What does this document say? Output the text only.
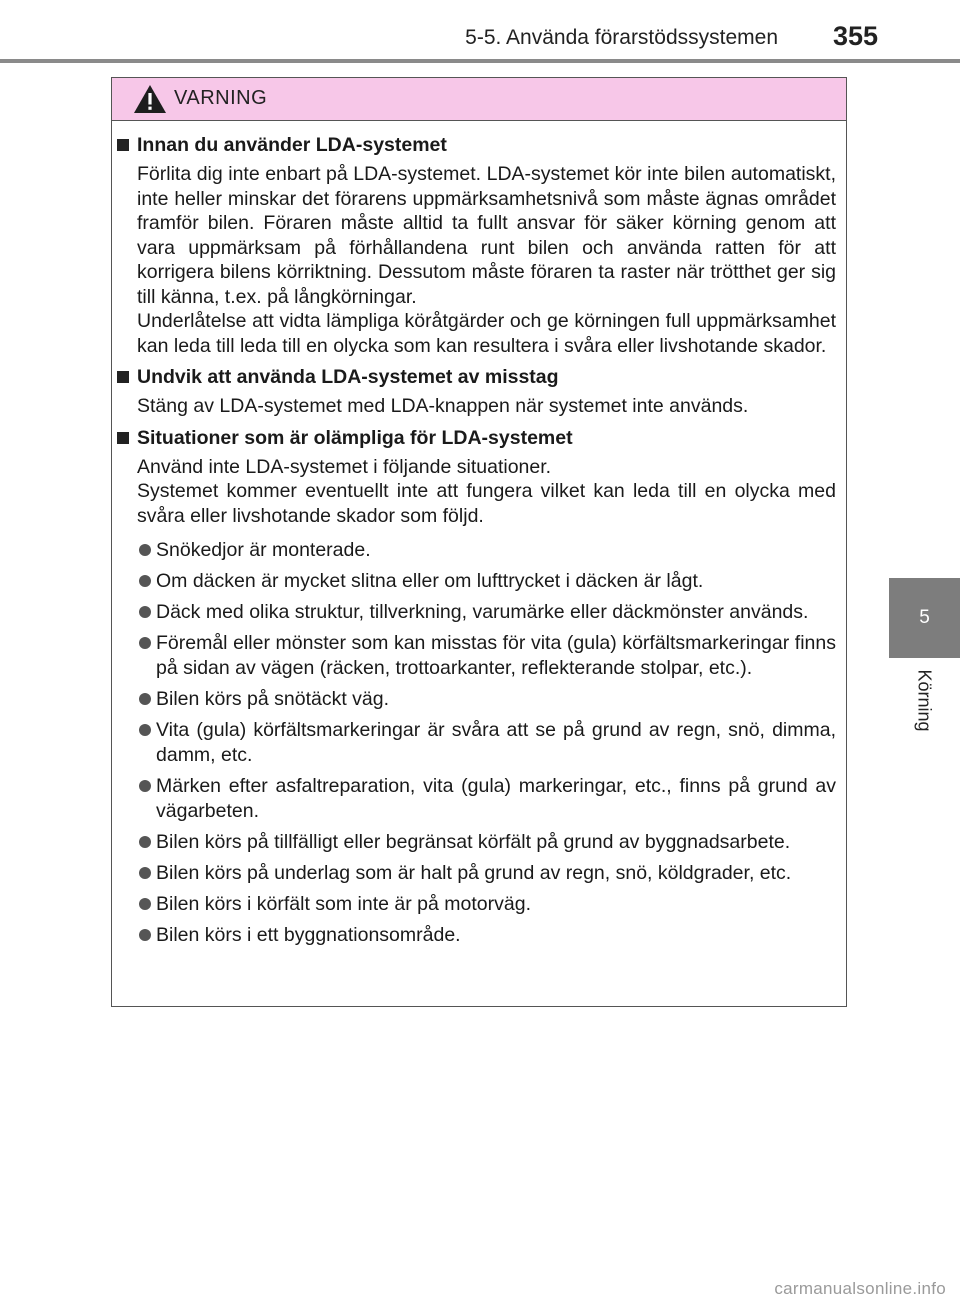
5-5. Använda förarstödssystemen 355
5
Körning
VARNING
Innan du använder LDA-systemet

Förlita dig inte enbart på LDA-systemet. LDA-systemet kör inte bilen automatiskt, inte heller minskar det förarens uppmärksamhetsnivå som måste ägnas området framför bilen. Föraren måste alltid ta fullt ansvar för säker körning genom att vara uppmärksam på förhållandena runt bilen och använda ratten för att korrigera bilens körriktning. Dessutom måste föraren ta raster när trötthet ger sig till känna, t.ex. på långkörningar.

Underlåtelse att vidta lämpliga köråtgärder och ge körningen full uppmärksamhet kan leda till leda till en olycka som kan resultera i svåra eller livshotande skador.

Undvik att använda LDA-systemet av misstag

Stäng av LDA-systemet med LDA-knappen när systemet inte används.

Situationer som är olämpliga för LDA-systemet

Använd inte LDA-systemet i följande situationer.

Systemet kommer eventuellt inte att fungera vilket kan leda till en olycka med svåra eller livshotande skador som följd.

Snökedjor är monterade.
Om däcken är mycket slitna eller om lufttrycket i däcken är lågt.
Däck med olika struktur, tillverkning, varumärke eller däckmönster används.
Föremål eller mönster som kan misstas för vita (gula) körfältsmarkeringar finns på sidan av vägen (räcken, trottoarkanter, reflekterande stolpar, etc.).
Bilen körs på snötäckt väg.
Vita (gula) körfältsmarkeringar är svåra att se på grund av regn, snö, dimma, damm, etc.
Märken efter asfaltreparation, vita (gula) markeringar, etc., finns på grund av vägarbeten.
Bilen körs på tillfälligt eller begränsat körfält på grund av byggnadsarbete.
Bilen körs på underlag som är halt på grund av regn, snö, köldgrader, etc.
Bilen körs i körfält som inte är på motorväg.
Bilen körs i ett byggnationsområde.
carmanualsonline.info
